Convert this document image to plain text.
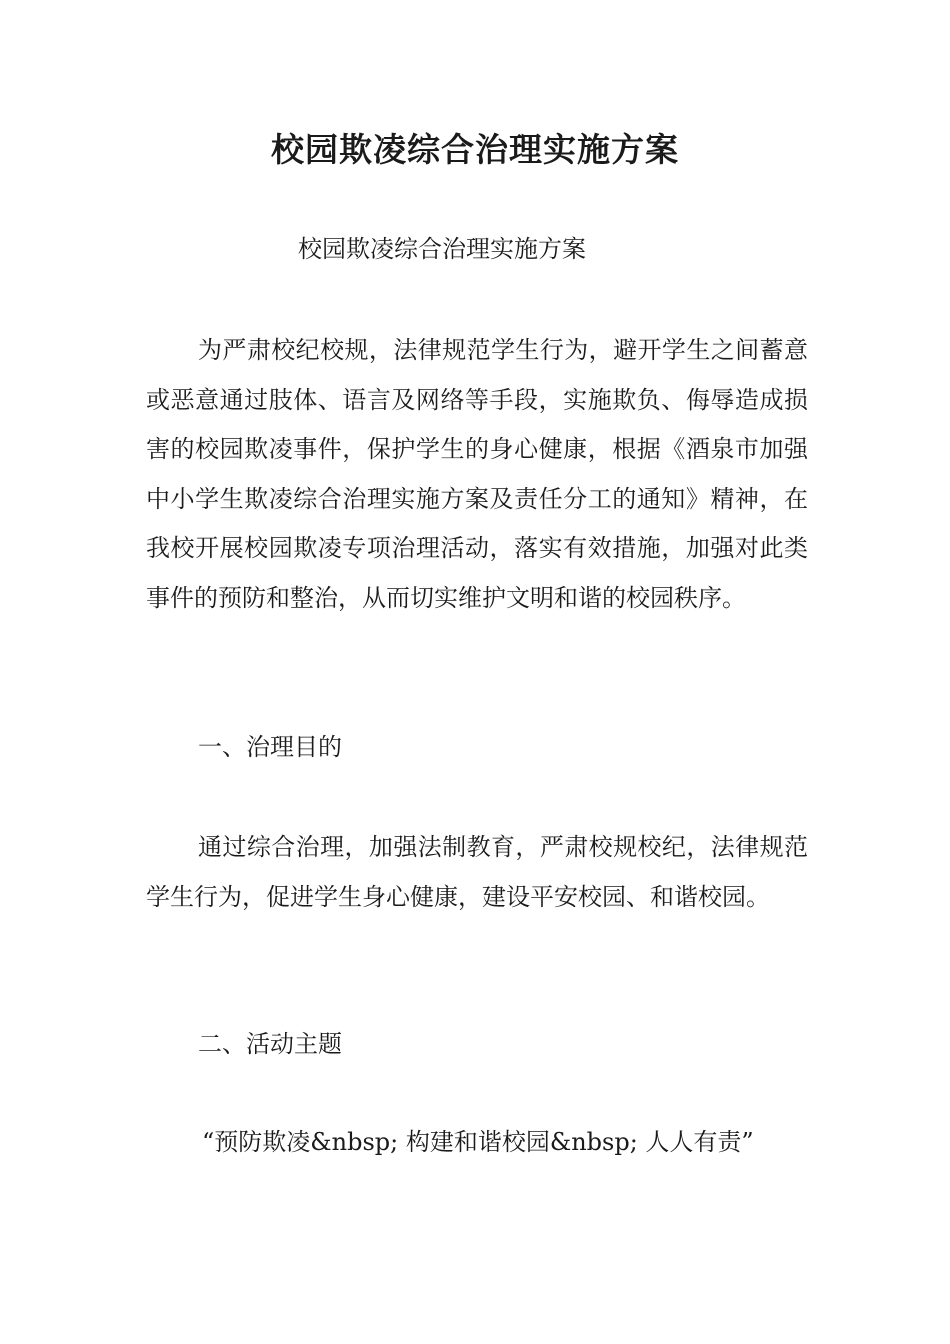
校园欺凌综合治理实施方案
校园欺凌综合治理实施方案

为严肃校纪校规，法律规范学生行为，避开学生之间蓄意或恶意通过肢体、语言及网络等手段，实施欺负、侮辱造成损害的校园欺凌事件，保护学生的身心健康，根据《酒泉市加强中小学生欺凌综合治理实施方案及责任分工的通知》精神，在我校开展校园欺凌专项治理活动，落实有效措施，加强对此类事件的预防和整治，从而切实维护文明和谐的校园秩序。

一、治理目的

通过综合治理，加强法制教育，严肃校规校纪，法律规范学生行为，促进学生身心健康，建设平安校园、和谐校园。

二、活动主题
“预防欺凌&nbsp; 构建和谐校园&nbsp; 人人有责”
